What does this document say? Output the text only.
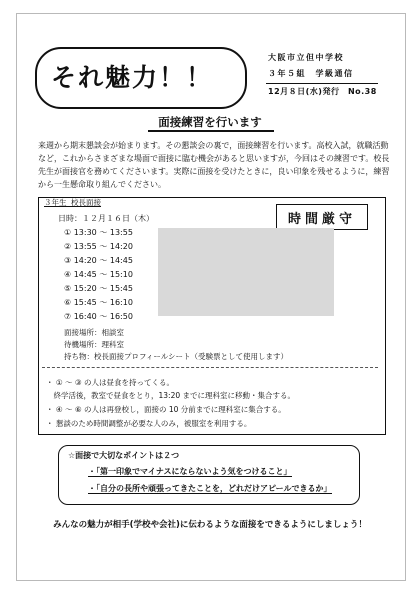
それ魅力！！
大阪市立但中学校
３年５組　学級通信
12月８日(水)発行　No.38
面接練習を行います
来週から期末懇談会が始まります。その懇談会の裏で，面接練習を行います。高校入試，就職活動など，これからさまざまな場面で面接に臨む機会があると思いますが，今回はその練習です。校長先生が面接官を務めてくださいます。実際に面接を受けたときに，良い印象を残せるように，練習から一生懸命取り組んでください。
３年生 校長面接
日時：１２月１６日（木）	時間厳守
① 13:30 ～ 13:55
② 13:55 ～ 14:20
③ 14:20 ～ 14:45
④ 14:45 ～ 15:10
⑤ 15:20 ～ 15:45
⑥ 15:45 ～ 16:10
⑦ 16:40 ～ 16:50
面接場所：相談室
待機場所：理科室
持ち物：校長面接プロフィールシート（受験票として使用します）
・ ① ～ ③ の人は昼食を持ってくる。
　終学活後，教室で昼食をとり，13:20 までに理科室に移動・集合する。
・ ④ ～ ⑥ の人は再登校し，面接の 10 分前までに理科室に集合する。
・ 懇談のため時間調整が必要な人のみ，被服室を利用する。
☆面接で大切なポイントは２つ
・「第一印象でマイナスにならないよう気をつけること」
・「自分の長所や頑張ってきたことを，どれだけアピールできるか」
みんなの魅力が相手(学校や会社)に伝わるような面接をできるようにしましょう！
